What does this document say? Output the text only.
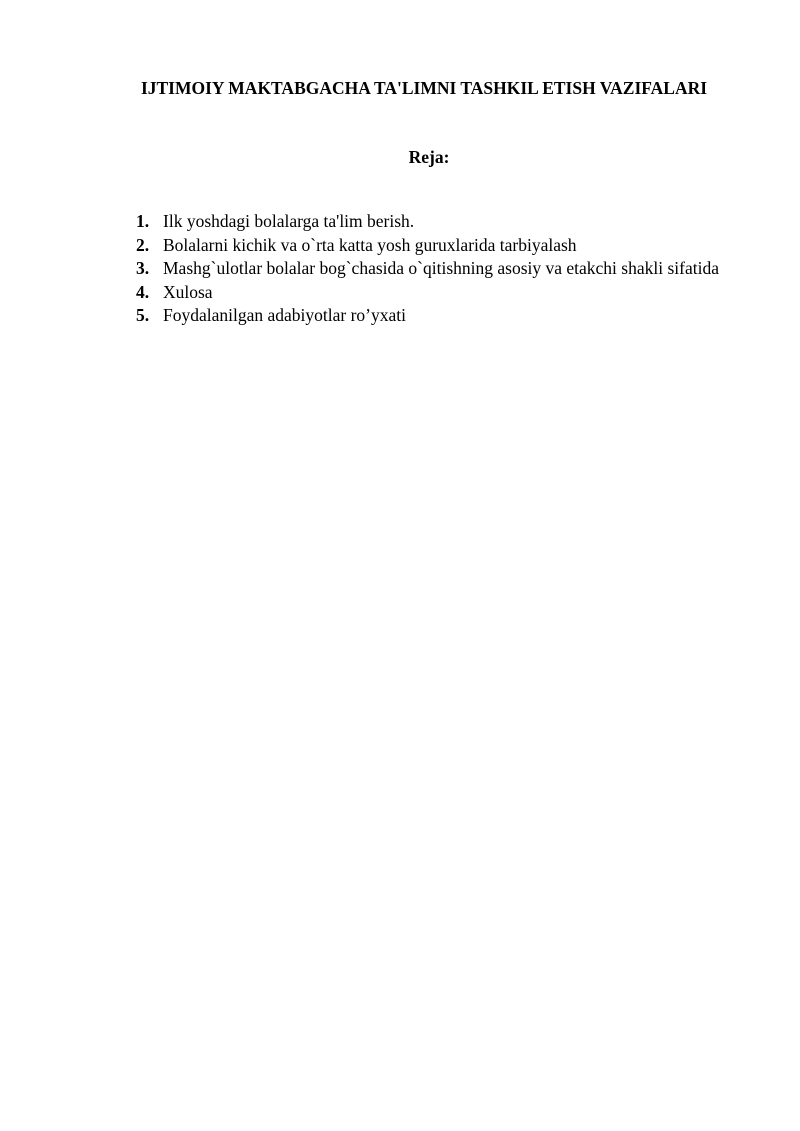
IJTIMOIY MAKTABGACHA TA'LIMNI TASHKIL ETISH VAZIFALARI
Reja:
1. Ilk yoshdagi bolalarga ta'lim berish.
2. Bolalarni kichik va o`rta katta yosh guruxlarida tarbiyalash
3. Mashg`ulotlar bolalar bog`chasida o`qitishning asosiy va etakchi shakli sifatida
4. Xulosa
5. Foydalanilgan adabiyotlar ro’yxati
